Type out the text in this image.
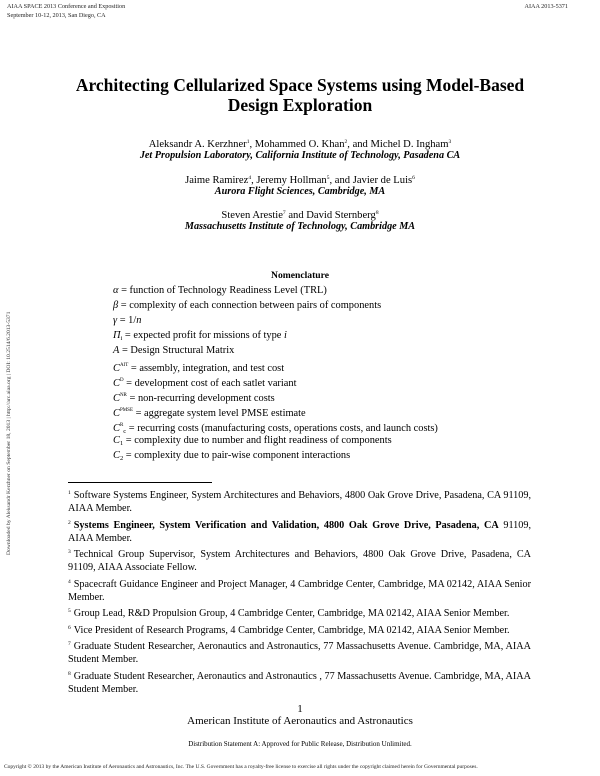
AIAA SPACE 2013 Conference and Exposition
September 10-12, 2013, San Diego, CA
AIAA 2013-5371
Downloaded by Aleksandr Kerzhner on September 18, 2013 | http://arc.aiaa.org | DOI: 10.2514/6.2013-5371
Architecting Cellularized Space Systems using Model-Based
Design Exploration
Aleksandr A. Kerzhner$^1$, Mohammed O. Khan$^2$, and Michel D. Ingham$^3$
Jet Propulsion Laboratory, California Institute of Technology, Pasadena CA
Jaime Ramirez$^4$, Jeremy Hollman$^5$, and Javier de Luis$^6$
Aurora Flight Sciences, Cambridge, MA
Steven Arestie$^7$ and David Sternberg$^8$
Massachusetts Institute of Technology, Cambridge MA
Nomenclature
α = function of Technology Readiness Level (TRL)
β = complexity of each connection between pairs of components
γ = 1/n
Πi = expected profit for missions of type i
A = Design Structural Matrix
$C^{AIT}$ = assembly, integration, and test cost
$C^D$ = development cost of each satlet variant
$C^{NR}$ = non-recurring development costs
$C^{PMSE}$ = aggregate system level PMSE estimate
$C^Rc$ = recurring costs (manufacturing costs, operations costs, and launch costs)
C1 = complexity due to number and flight readiness of components
C2 = complexity due to pair-wise component interactions
$^1$ Software Systems Engineer, System Architectures and Behaviors, 4800 Oak Grove Drive, Pasadena, CA 91109, AIAA Member.
$^2$ Systems Engineer, System Verification and Validation, 4800 Oak Grove Drive, Pasadena, CA 91109, AIAA Member.
$^3$ Technical Group Supervisor, System Architectures and Behaviors, 4800 Oak Grove Drive, Pasadena, CA 91109, AIAA Associate Fellow.
$^4$ Spacecraft Guidance Engineer and Project Manager, 4 Cambridge Center, Cambridge, MA 02142, AIAA Senior Member.
$^5$ Group Lead, R&D Propulsion Group, 4 Cambridge Center, Cambridge, MA 02142, AIAA Senior Member.
$^6$ Vice President of Research Programs, 4 Cambridge Center, Cambridge, MA 02142, AIAA Senior Member.
$^7$ Graduate Student Researcher, Aeronautics and Astronautics, 77 Massachusetts Avenue. Cambridge, MA, AIAA Student Member.
$^8$ Graduate Student Researcher, Aeronautics and Astronautics , 77 Massachusetts Avenue. Cambridge, MA, AIAA Student Member.
1
American Institute of Aeronautics and Astronautics
Distribution Statement A: Approved for Public Release, Distribution Unlimited.
Copyright © 2013 by the American Institute of Aeronautics and Astronautics, Inc. The U.S. Government has a royalty-free license to exercise all rights under the copyright claimed herein for Governmental purposes.
